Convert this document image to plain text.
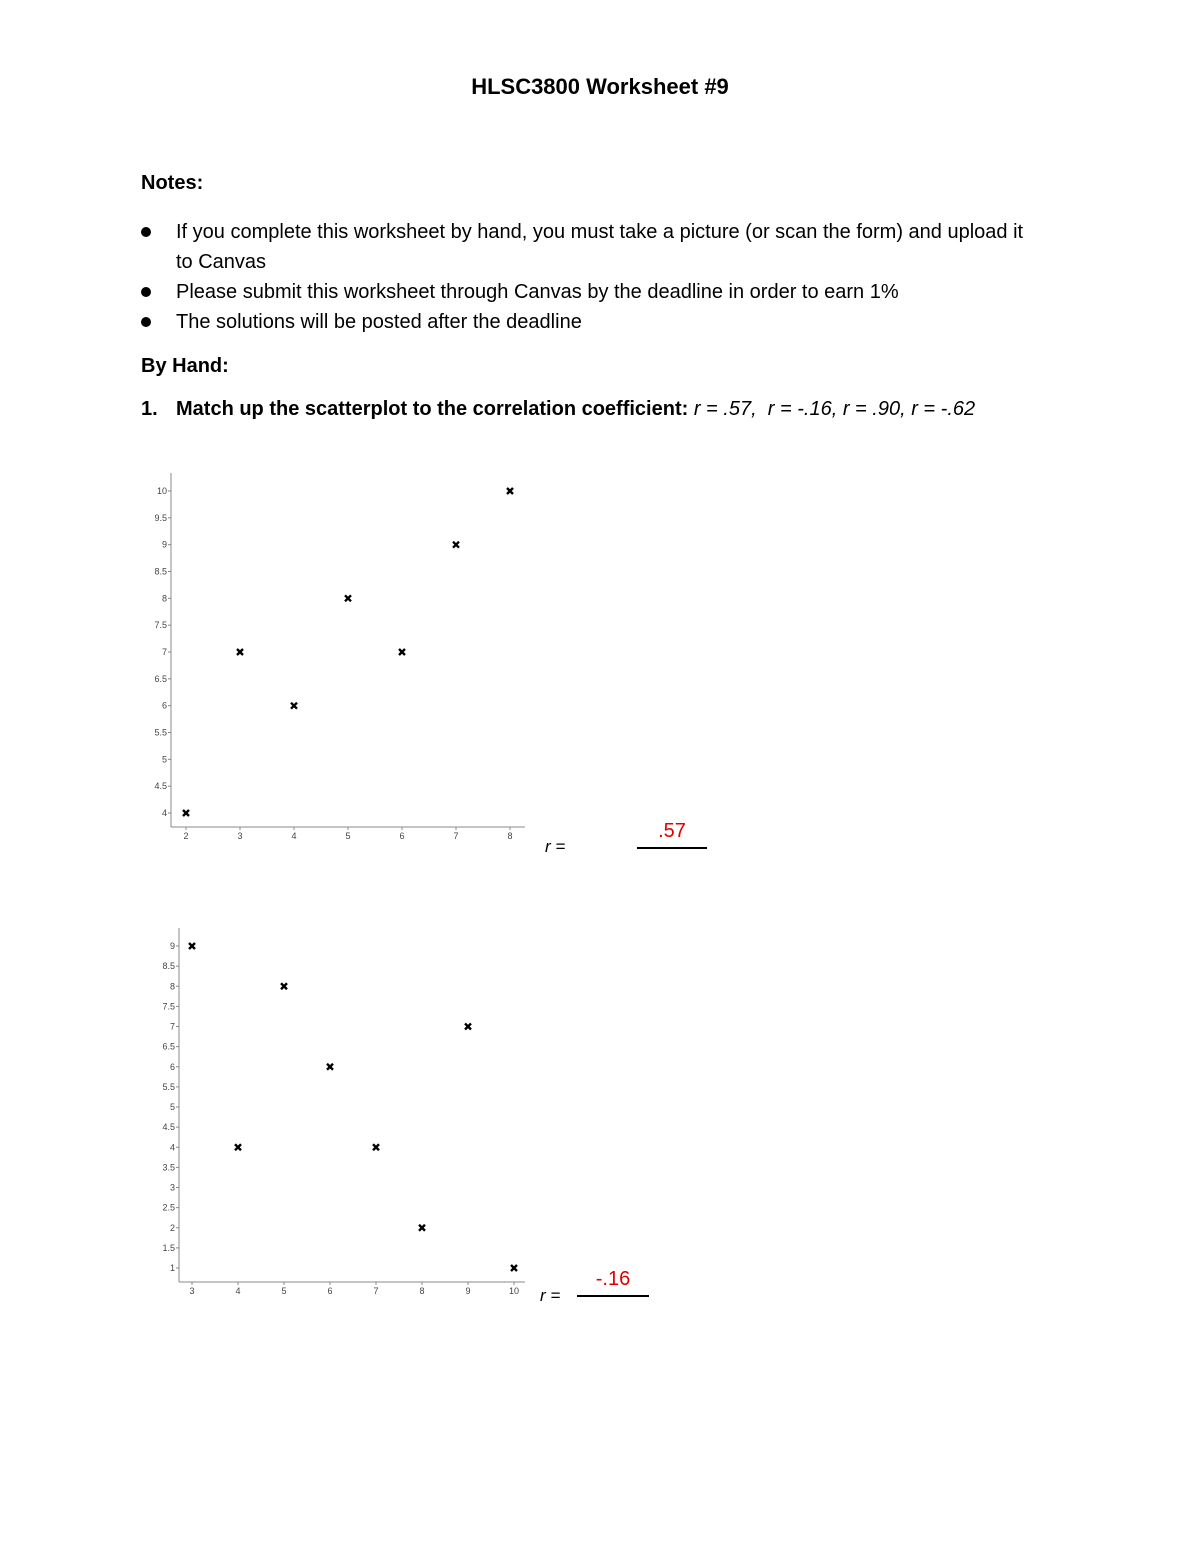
HLSC3800 Worksheet #9
Notes:
If you complete this worksheet by hand, you must take a picture (or scan the form) and upload it to Canvas
Please submit this worksheet through Canvas by the deadline in order to earn 1%
The solutions will be posted after the deadline
By Hand:
1. Match up the scatterplot to the correlation coefficient: r = .57, r = -.16, r = .90, r = -.62
4
4.5
5
5.5
6
6.5
7
7.5
8
8.5
9
9.5
10
2	3	4	5	6	7	8
r =
.57
1
1.5
2
2.5
3
3.5
4
4.5
5
5.5
6
6.5
7
7.5
8
8.5
9
3	4	5	6	7	8	9	10 r =
-.16
